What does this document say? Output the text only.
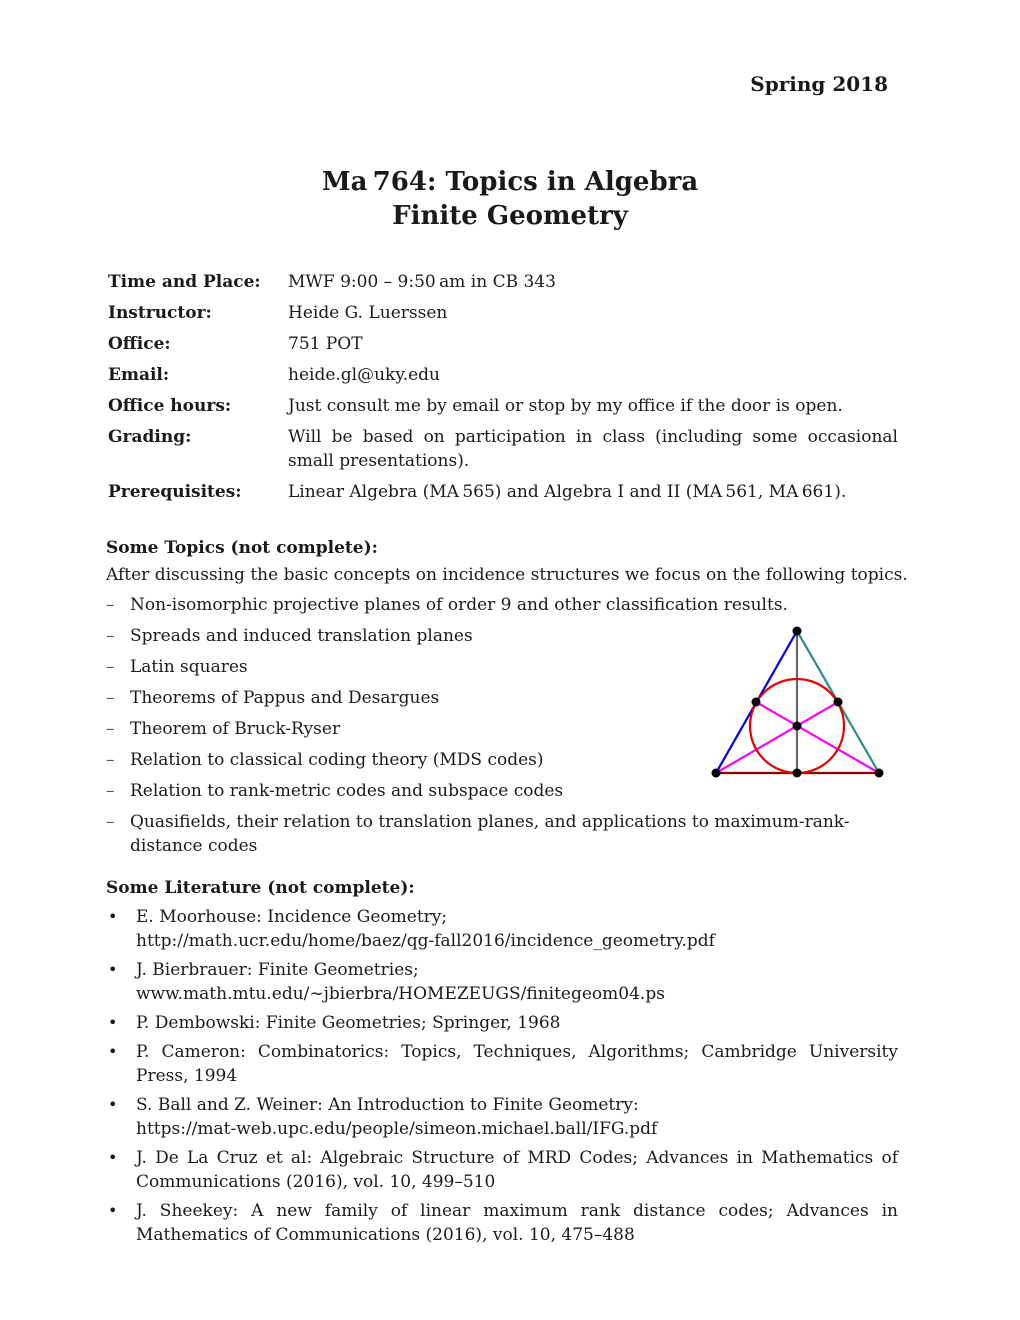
Spring 2018
Ma 764: Topics in Algebra
Finite Geometry
Time and Place:	MWF 9:00 – 9:50 am in CB 343
Instructor:	Heide G. Luerssen
Office:	751 POT
Email:	heide.gl@uky.edu
Office hours:	Just consult me by email or stop by my office if the door is open.
Grading:	Will be based on participation in class (including some occasional small presentations).
Prerequisites:	Linear Algebra (MA 565) and Algebra I and II (MA 561, MA 661).
Some Topics (not complete):
After discussing the basic concepts on incidence structures we focus on the following topics.
– Non-isomorphic projective planes of order 9 and other classification results.
– Spreads and induced translation planes
– Latin squares
– Theorems of Pappus and Desargues
– Theorem of Bruck-Ryser
– Relation to classical coding theory (MDS codes)
– Relation to rank-metric codes and subspace codes
– Quasifields, their relation to translation planes, and applications to maximum-rank-distance codes
Some Literature (not complete):
• E. Moorhouse: Incidence Geometry;
http://math.ucr.edu/home/baez/qg-fall2016/incidence_geometry.pdf
• J. Bierbrauer: Finite Geometries;
www.math.mtu.edu/∼jbierbra/HOMEZEUGS/finitegeom04.ps
• P. Dembowski: Finite Geometries; Springer, 1968
• P. Cameron: Combinatorics: Topics, Techniques, Algorithms; Cambridge University Press, 1994
• S. Ball and Z. Weiner: An Introduction to Finite Geometry:
https://mat-web.upc.edu/people/simeon.michael.ball/IFG.pdf
• J. De La Cruz et al: Algebraic Structure of MRD Codes; Advances in Mathematics of Communications (2016), vol. 10, 499–510
• J. Sheekey: A new family of linear maximum rank distance codes; Advances in Mathematics of Communications (2016), vol. 10, 475–488
